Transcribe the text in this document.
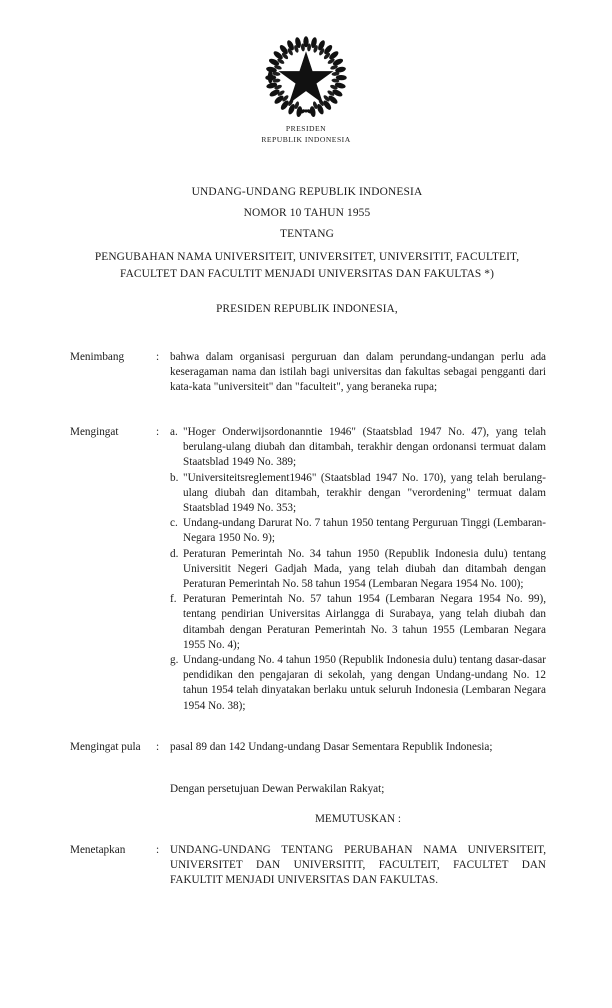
PRESIDEN
REPUBLIK INDONESIA
UNDANG-UNDANG REPUBLIK INDONESIA
NOMOR 10 TAHUN 1955
TENTANG
PENGUBAHAN NAMA UNIVERSITEIT, UNIVERSITET, UNIVERSITIT, FACULTEIT,
FACULTET DAN FACULTIT MENJADI UNIVERSITAS DAN FAKULTAS *)
PRESIDEN REPUBLIK INDONESIA,
Menimbang	: bahwa dalam organisasi perguruan dan dalam perundang-undangan perlu ada keseragaman nama dan istilah bagi universitas dan fakultas sebagai pengganti dari kata-kata "universiteit" dan "faculteit", yang beraneka rupa;

Mengingat	: a. "Hoger Onderwijsordonanntie 1946" (Staatsblad 1947 No. 47), yang telah berulang-ulang diubah dan ditambah, terakhir dengan ordonansi termuat dalam Staatsblad 1949 No. 389;
b. "Universiteitsreglement1946" (Staatsblad 1947 No. 170), yang telah berulang-ulang diubah dan ditambah, terakhir dengan "verordening" termuat dalam Staatsblad 1949 No. 353;
c. Undang-undang Darurat No. 7 tahun 1950 tentang Perguruan Tinggi (Lembaran-Negara 1950 No. 9);
d. Peraturan Pemerintah No. 34 tahun 1950 (Republik Indonesia dulu) tentang Universitit Negeri Gadjah Mada, yang telah diubah dan ditambah dengan Peraturan Pemerintah No. 58 tahun 1954 (Lembaran Negara 1954 No. 100);
f. Peraturan Pemerintah No. 57 tahun 1954 (Lembaran Negara 1954 No. 99), tentang pendirian Universitas Airlangga di Surabaya, yang telah diubah dan ditambah dengan Peraturan Pemerintah No. 3 tahun 1955 (Lembaran Negara 1955 No. 4);
g. Undang-undang No. 4 tahun 1950 (Republik Indonesia dulu) tentang dasar-dasar pendidikan den pengajaran di sekolah, yang dengan Undang-undang No. 12 tahun 1954 telah dinyatakan berlaku untuk seluruh Indonesia (Lembaran Negara 1954 No. 38);
Mengingat pula	: pasal 89 dan 142 Undang-undang Dasar Sementara Republik Indonesia;

Dengan persetujuan Dewan Perwakilan Rakyat;
MEMUTUSKAN :
Menetapkan	: UNDANG-UNDANG TENTANG PERUBAHAN NAMA UNIVERSITEIT, UNIVERSITET DAN UNIVERSITIT, FACULTEIT, FACULTET DAN FAKULTIT MENJADI UNIVERSITAS DAN FAKULTAS.
